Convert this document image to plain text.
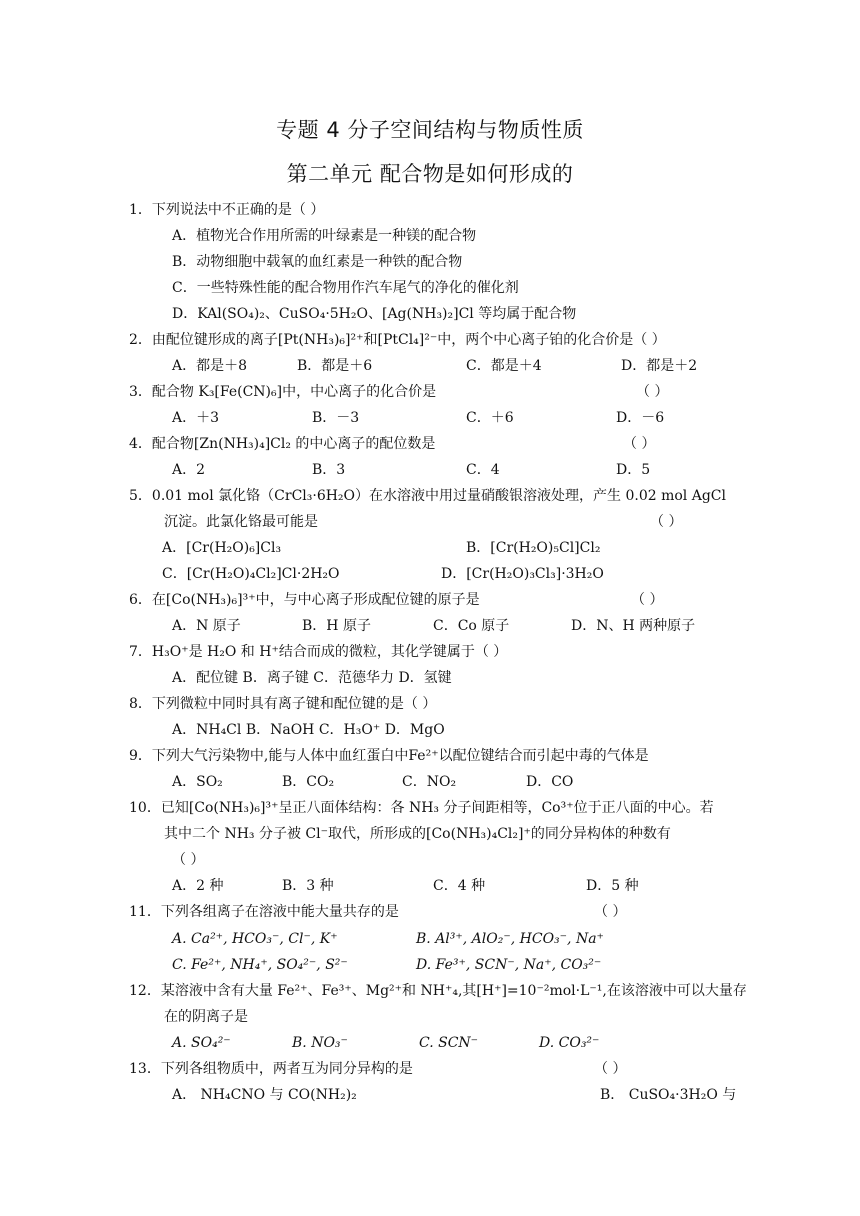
专题 4 分子空间结构与物质性质
第二单元 配合物是如何形成的
1．下列说法中不正确的是（ ）
A．植物光合作用所需的叶绿素是一种镁的配合物
B．动物细胞中载氧的血红素是一种铁的配合物
C．一些特殊性能的配合物用作汽车尾气的净化的催化剂
D．KAl(SO₄)₂、CuSO₄·5H₂O、[Ag(NH₃)₂]Cl 等均属于配合物
2．由配位键形成的离子[Pt(NH₃)₆]²⁺和[PtCl₄]²⁻中，两个中心离子铂的化合价是（ ）
A．都是＋8	B．都是＋6	C．都是＋4	D．都是＋2
3．配合物 K₃[Fe(CN)₆]中，中心离子的化合价是	（ ）
A．＋3	B．－3	C．＋6	D．－6
4．配合物[Zn(NH₃)₄]Cl₂ 的中心离子的配位数是	（ ）
A．2	B．3	C．4	D．5
5．0.01 mol 氯化铬（CrCl₃·6H₂O）在水溶液中用过量硝酸银溶液处理，产生 0.02 mol AgCl
沉淀。此氯化铬最可能是	（ ）
A．[Cr(H₂O)₆]Cl₃	B．[Cr(H₂O)₅Cl]Cl₂
C．[Cr(H₂O)₄Cl₂]Cl·2H₂O	D．[Cr(H₂O)₃Cl₃]·3H₂O
6．在[Co(NH₃)₆]³⁺中，与中心离子形成配位键的原子是	（ ）
A．N 原子	B．H 原子	C．Co 原子	D．N、H 两种原子
7．H₃O⁺是 H₂O 和 H⁺结合而成的微粒，其化学键属于（ ）
A．配位键 B．离子键 C．范德华力 D．氢键
8．下列微粒中同时具有离子键和配位键的是（ ）
A．NH₄Cl B．NaOH C．H₃O⁺ D．MgO
9．下列大气污染物中,能与人体中血红蛋白中Fe²⁺以配位键结合而引起中毒的气体是
A．SO₂	B．CO₂	C．NO₂	D．CO
10．已知[Co(NH₃)₆]³⁺呈正八面体结构：各 NH₃ 分子间距相等，Co³⁺位于正八面的中心。若
其中二个 NH₃ 分子被 Cl⁻取代，所形成的[Co(NH₃)₄Cl₂]⁺的同分异构体的种数有
（ ）
A．2 种	B．3 种	C．4 种	D．5 种
11．下列各组离子在溶液中能大量共存的是	（ ）
A. Ca²⁺, HCO₃⁻, Cl⁻, K⁺	B. Al³⁺, AlO₂⁻, HCO₃⁻, Na⁺
C. Fe²⁺, NH₄⁺, SO₄²⁻, S²⁻	D. Fe³⁺, SCN⁻, Na⁺, CO₃²⁻
12．某溶液中含有大量 Fe²⁺、Fe³⁺、Mg²⁺和 NH⁺₄,其[H⁺]=10⁻²mol·L⁻¹,在该溶液中可以大量存
在的阴离子是
A. SO₄²⁻	B. NO₃⁻	C. SCN⁻	D. CO₃²⁻
13．下列各组物质中，两者互为同分异构的是	（ ）
A． NH₄CNO 与 CO(NH₂)₂	B． CuSO₄·3H₂O 与
